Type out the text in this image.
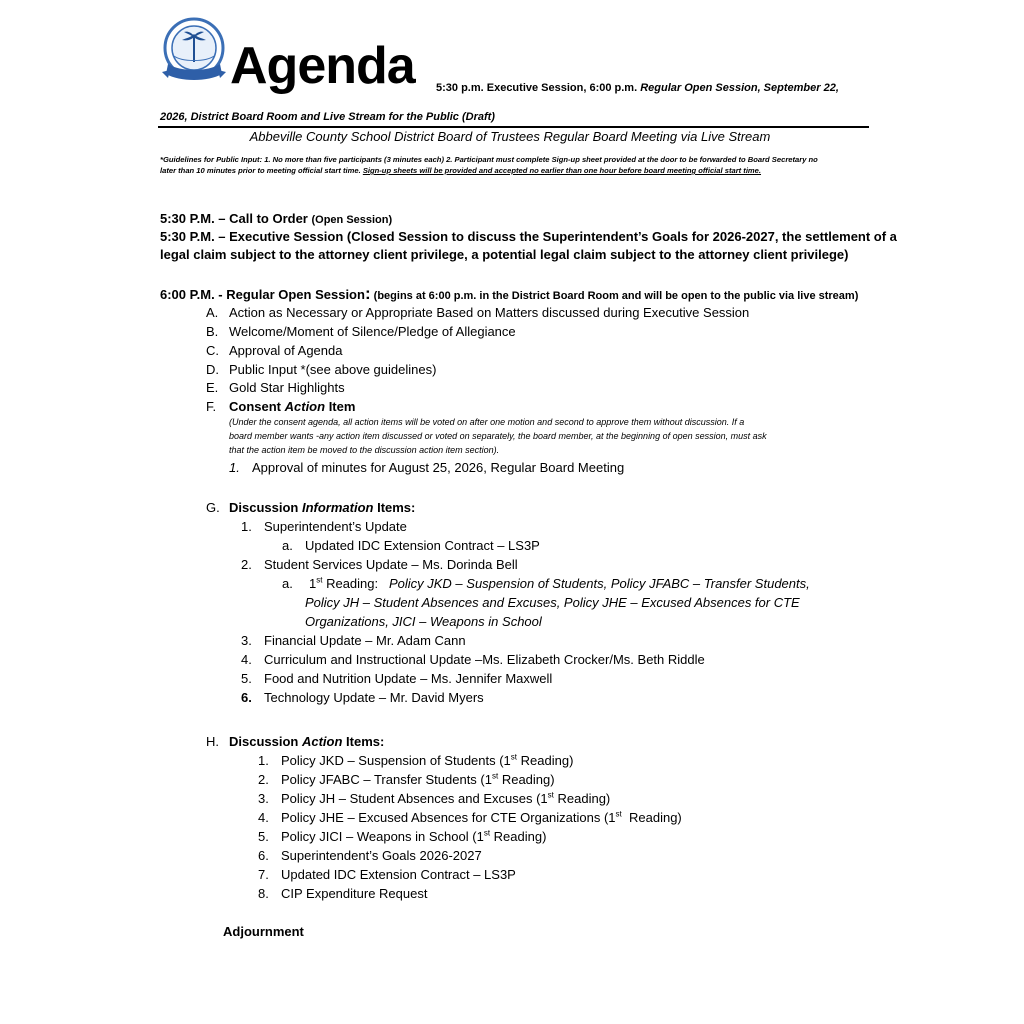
Agenda 5:30 p.m. Executive Session, 6:00 p.m. Regular Open Session, September 22,
2026, District Board Room and Live Stream for the Public (Draft)
Abbeville County School District Board of Trustees Regular Board Meeting via Live Stream
*Guidelines for Public Input: 1. No more than five participants (3 minutes each) 2. Participant must complete Sign-up sheet provided at the door to be forwarded to Board Secretary no
later than 10 minutes prior to meeting official start time. Sign-up sheets will be provided and accepted no earlier than one hour before board meeting official start time.
5:30 P.M. – Call to Order (Open Session)
5:30 P.M. – Executive Session (Closed Session to discuss the Superintendent’s Goals for 2026-2027, the settlement of a
legal claim subject to the attorney client privilege, a potential legal claim subject to the attorney client privilege)
6:00 P.M. - Regular Open Session: (begins at 6:00 p.m. in the District Board Room and will be open to the public via live stream)
A. Action as Necessary or Appropriate Based on Matters discussed during Executive Session
B. Welcome/Moment of Silence/Pledge of Allegiance
C. Approval of Agenda
D. Public Input *(see above guidelines)
E. Gold Star Highlights
F. Consent Action Item
(Under the consent agenda, all action items will be voted on after one motion and second to approve them without discussion. If a
board member wants -any action item discussed or voted on separately, the board member, at the beginning of open session, must ask
that the action item be moved to the discussion action item section).
1. Approval of minutes for August 25, 2026, Regular Board Meeting
G. Discussion Information Items:
1. Superintendent’s Update
a. Updated IDC Extension Contract – LS3P
2. Student Services Update – Ms. Dorinda Bell
a. 1st Reading:   Policy JKD – Suspension of Students, Policy JFABC – Transfer Students,
Policy JH – Student Absences and Excuses, Policy JHE – Excused Absences for CTE
Organizations, JICI – Weapons in School
3. Financial Update – Mr. Adam Cann
4. Curriculum and Instructional Update –Ms. Elizabeth Crocker/Ms. Beth Riddle
5. Food and Nutrition Update – Ms. Jennifer Maxwell
6. Technology Update – Mr. David Myers
H. Discussion Action Items:
1. Policy JKD – Suspension of Students (1st Reading)
2. Policy JFABC – Transfer Students (1st Reading)
3. Policy JH – Student Absences and Excuses (1st Reading)
4. Policy JHE – Excused Absences for CTE Organizations (1st  Reading)
5. Policy JICI – Weapons in School (1st Reading)
6. Superintendent’s Goals 2026-2027
7. Updated IDC Extension Contract – LS3P
8. CIP Expenditure Request
Adjournment
